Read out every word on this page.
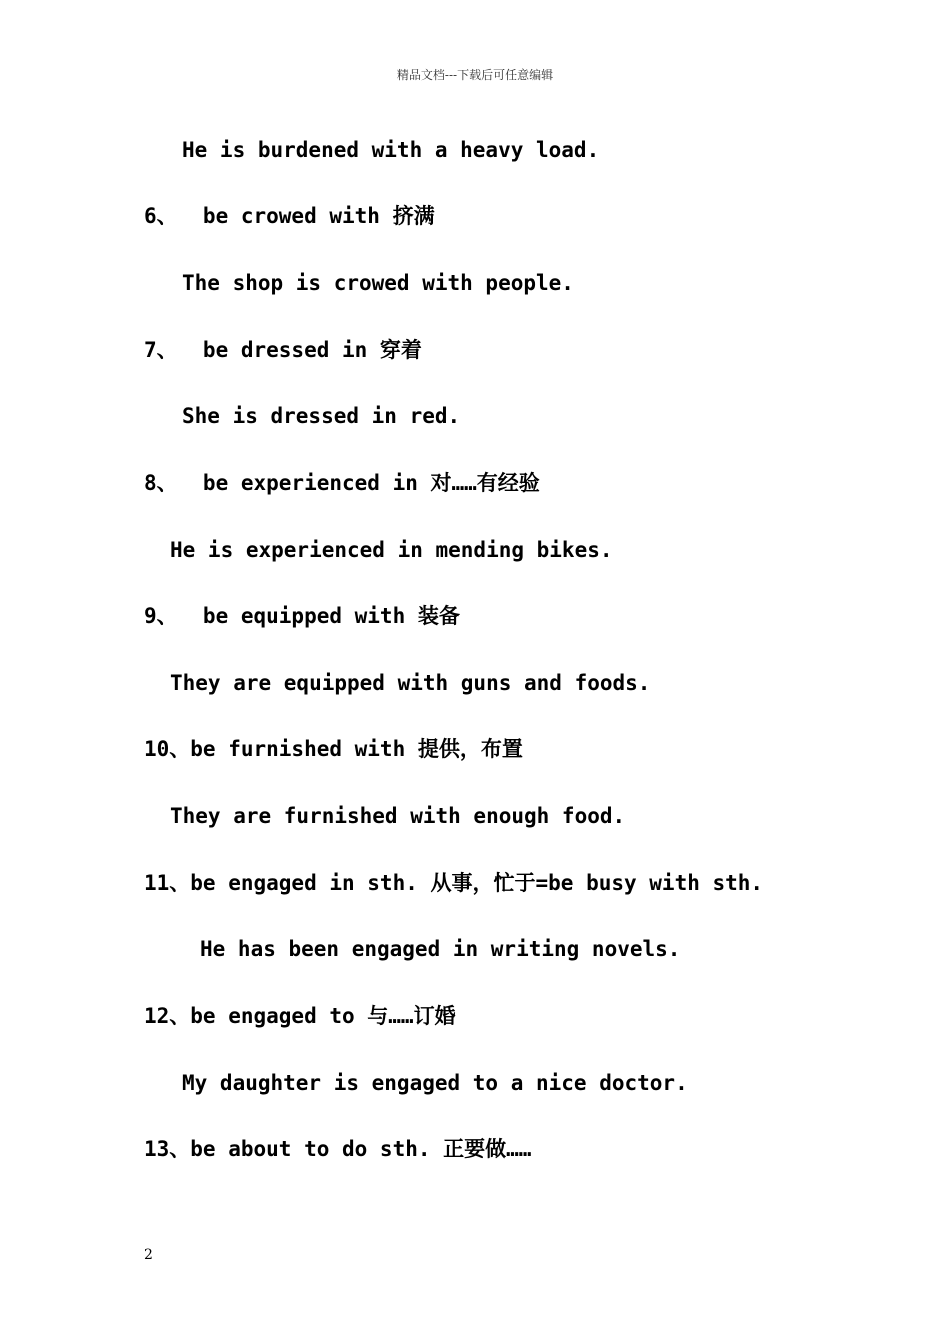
精品文档---下载后可任意编辑
He is burdened with a heavy load.
6、  be crowed with 挤满
The shop is crowed with people.
7、  be dressed in 穿着
She is dressed in red.
8、  be experienced in 对……有经验
He is experienced in mending bikes.
9、  be equipped with 装备
They are equipped with guns and foods.
10、be furnished with 提供，布置
They are furnished with enough food.
11、be engaged in sth. 从事，忙于=be busy with sth.
He has been engaged in writing novels.
12、be engaged to 与……订婚
My daughter is engaged to a nice doctor.
13、be about to do sth. 正要做……
2
